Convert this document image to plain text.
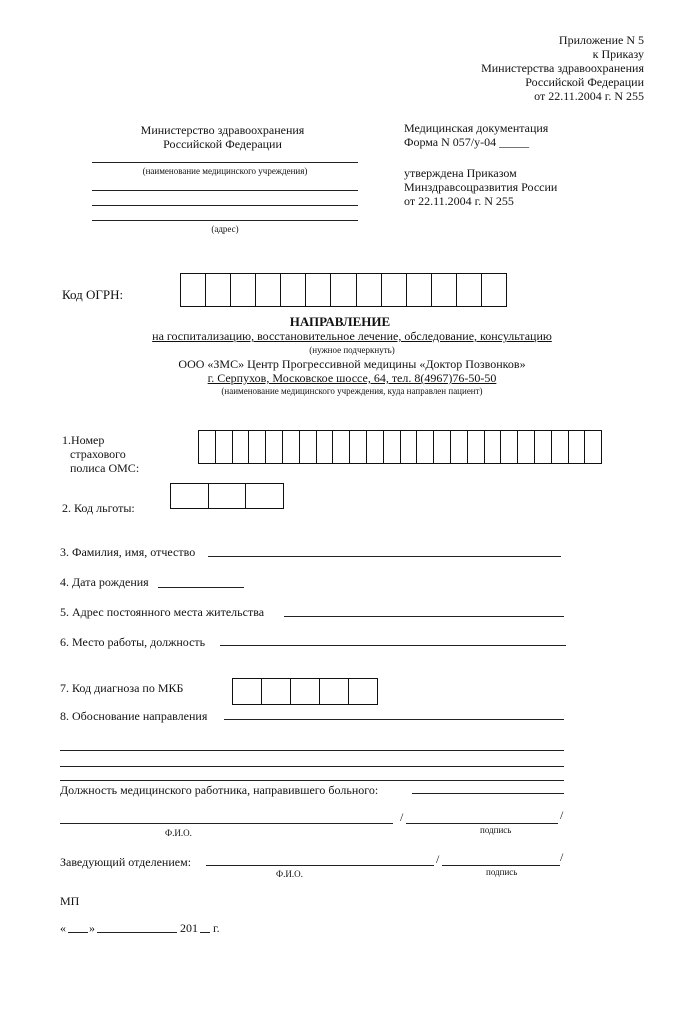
Приложение N 5
к Приказу
Министерства здравоохранения
Российской Федерации
от 22.11.2004 г. N 255
Министерство здравоохранения
Российской Федерации
(наименование медицинского учреждения)
(адрес)
Медицинская документация
Форма N 057/у-04 _____
утверждена Приказом
Минздравсоцразвития России
от 22.11.2004 г. N 255
Код ОГРН:
НАПРАВЛЕНИЕ
на госпитализацию, восстановительное лечение, обследование, консультацию
(нужное подчеркнуть)
ООО «ЗМС» Центр Прогрессивной медицины «Доктор Позвонков»
г. Серпухов, Московское шоссе, 64, тел. 8(4967)76-50-50
(наименование медицинского учреждения, куда направлен пациент)
1.Номер
страхового
полиса ОМС:
2. Код льготы:
3. Фамилия, имя, отчество
4. Дата рождения
5. Адрес постоянного места жительства
6. Место работы, должность
7. Код диагноза по МКБ
8. Обоснование направления
Должность медицинского работника, направившего больного:
/	/
Ф.И.О.	подпись
Заведующий отделением:	/	/
Ф.И.О.	подпись
МП
« »	201 г.
